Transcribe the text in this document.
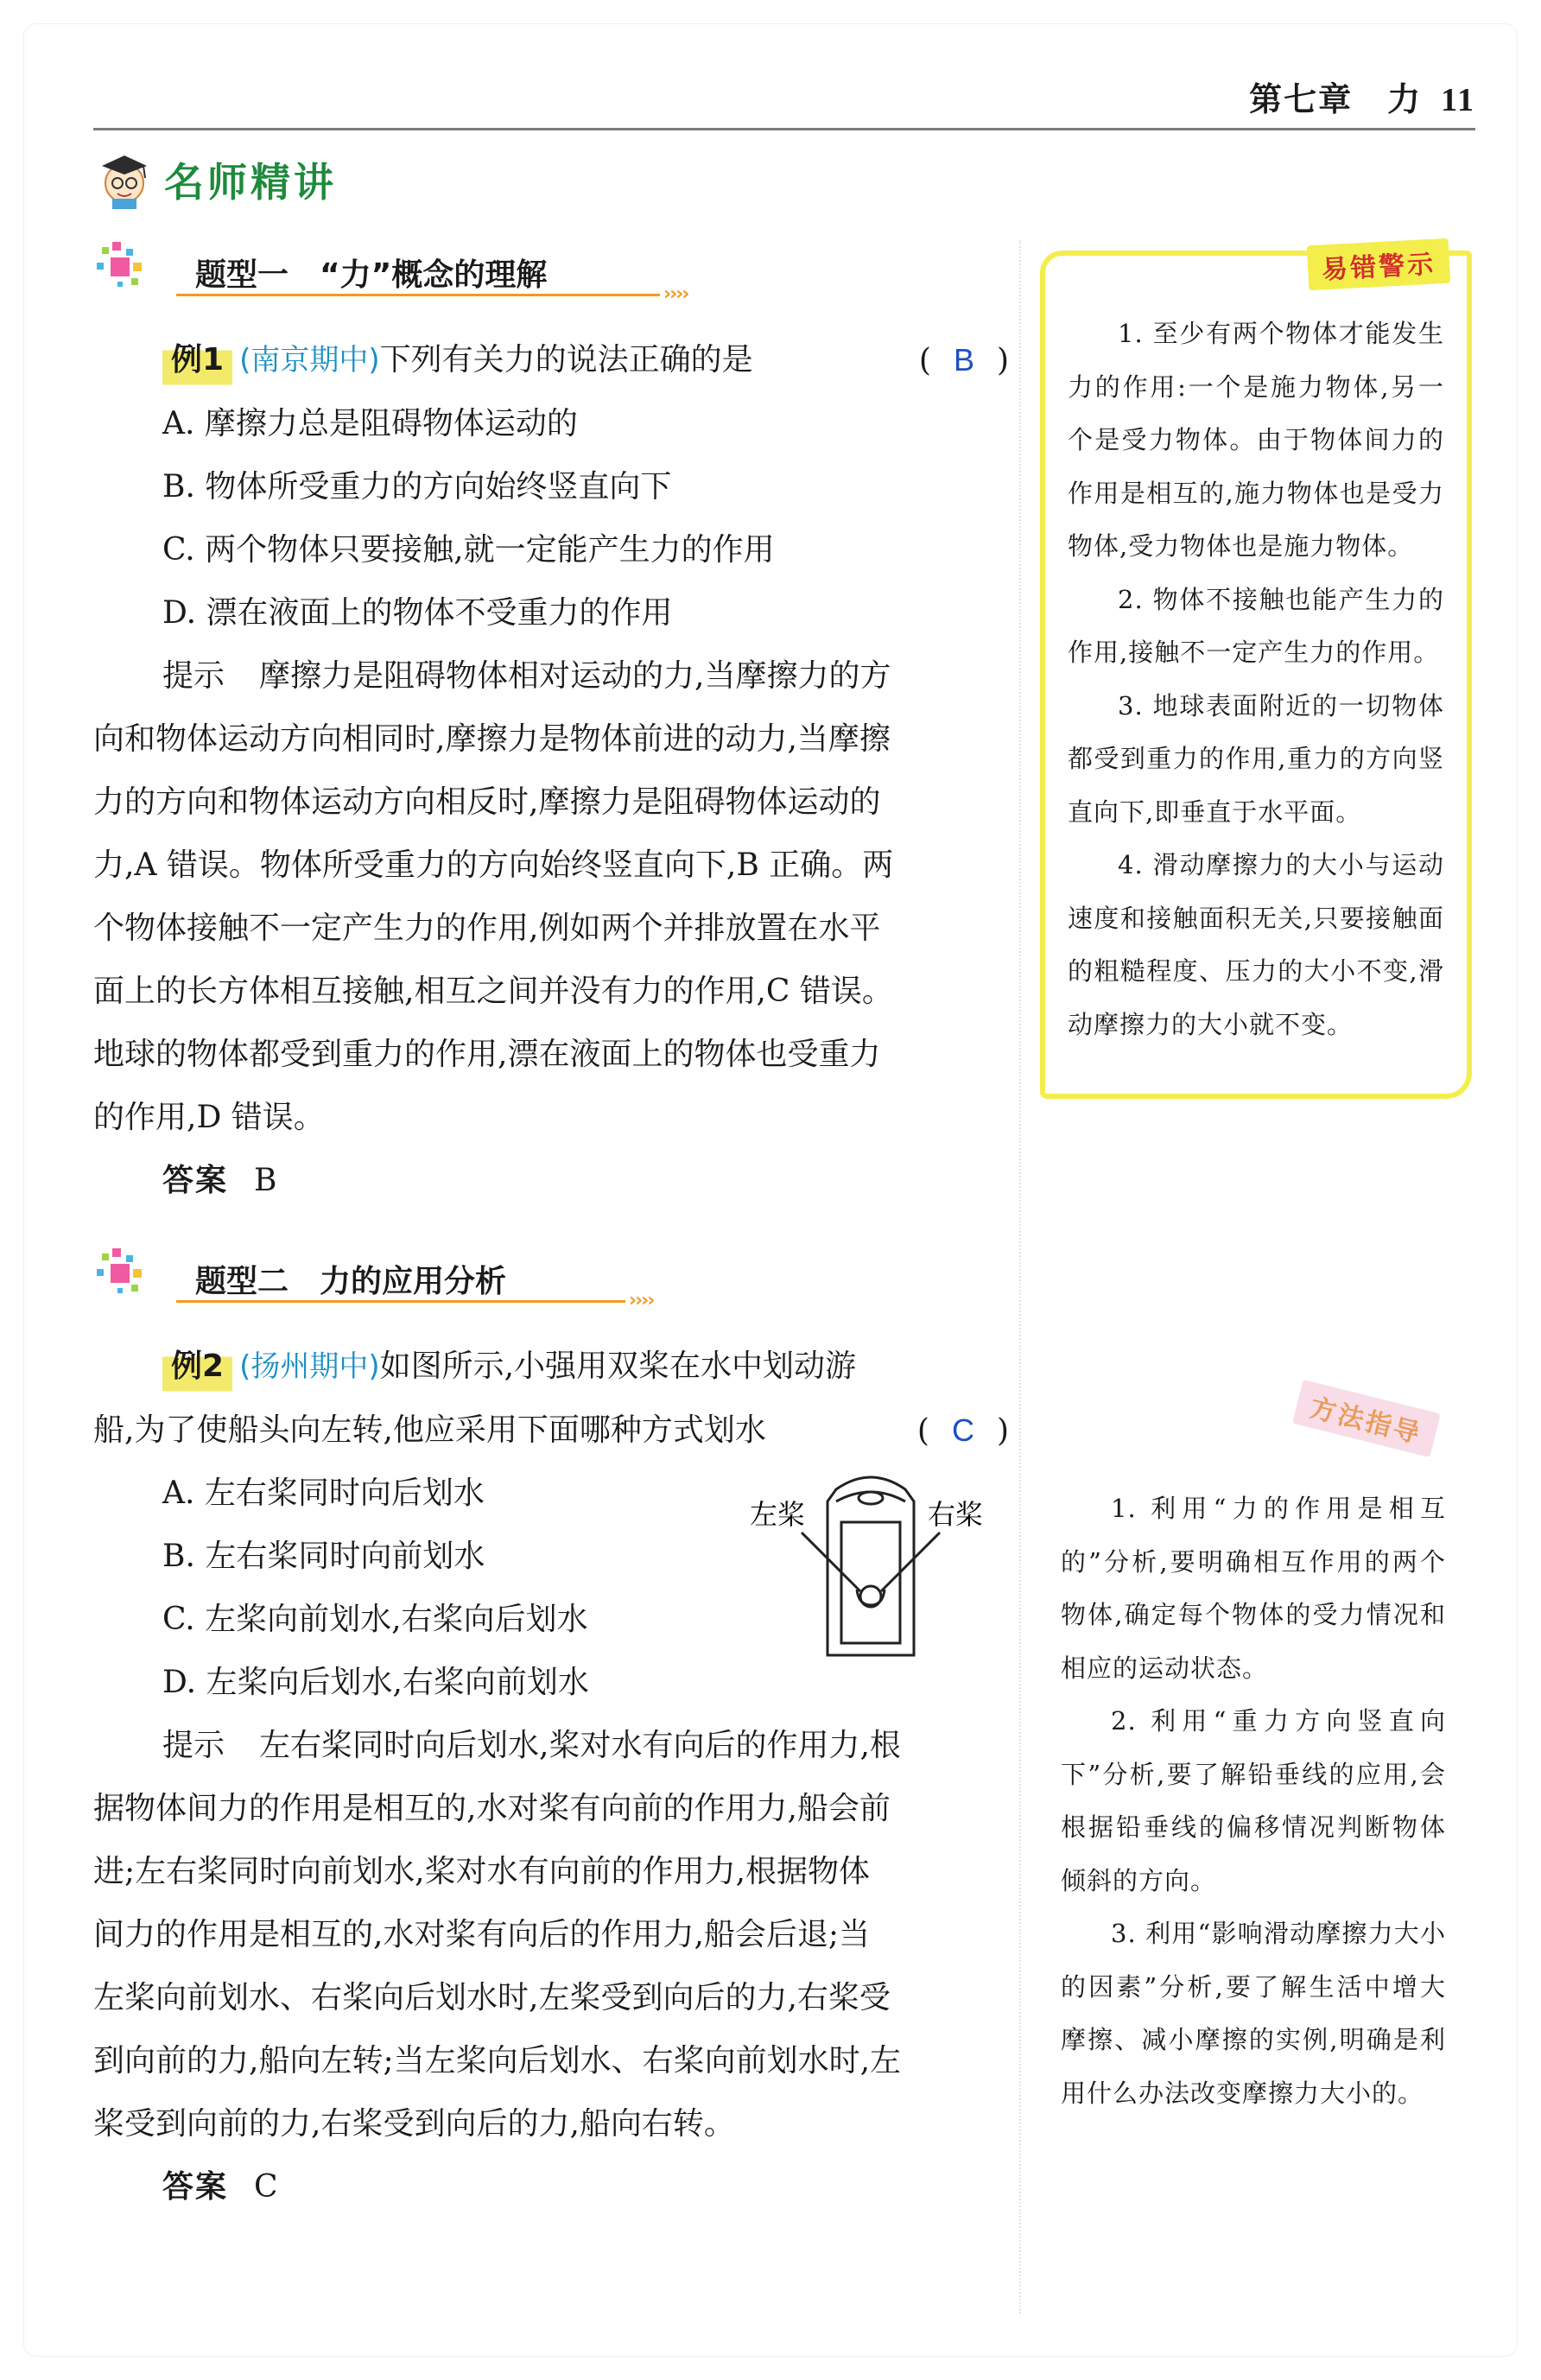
第七章　力 11
名师精讲
题型一　“力”概念的理解
››››
例1 (南京期中)下列有关力的说法正确的是	( B )
A. 摩擦力总是阻碍物体运动的
B. 物体所受重力的方向始终竖直向下
C. 两个物体只要接触,就一定能产生力的作用
D. 漂在液面上的物体不受重力的作用
提示 摩擦力是阻碍物体相对运动的力,当摩擦力的方
向和物体运动方向相同时,摩擦力是物体前进的动力,当摩擦
力的方向和物体运动方向相反时,摩擦力是阻碍物体运动的
力,A 错误。物体所受重力的方向始终竖直向下,B 正确。两
个物体接触不一定产生力的作用,例如两个并排放置在水平
面上的长方体相互接触,相互之间并没有力的作用,C 错误。
地球的物体都受到重力的作用,漂在液面上的物体也受重力
的作用,D 错误。
答案 B
题型二　力的应用分析
››››
例2 (扬州期中)如图所示,小强用双桨在水中划动游
船,为了使船头向左转,他应采用下面哪种方式划水	( C )
A. 左右桨同时向后划水
B. 左右桨同时向前划水
C. 左桨向前划水,右桨向后划水
D. 左桨向后划水,右桨向前划水
左桨	右桨
提示 左右桨同时向后划水,桨对水有向后的作用力,根
据物体间力的作用是相互的,水对桨有向前的作用力,船会前
进;左右桨同时向前划水,桨对水有向前的作用力,根据物体
间力的作用是相互的,水对桨有向后的作用力,船会后退;当
左桨向前划水、右桨向后划水时,左桨受到向后的力,右桨受
到向前的力,船向左转;当左桨向后划水、右桨向前划水时,左
桨受到向前的力,右桨受到向后的力,船向右转。
答案 C
易错警示

1. 至少有两个物体才能发生力的作用:一个是施力物体,另一个是受力物体。由于物体间力的作用是相互的,施力物体也是受力物体,受力物体也是施力物体。

2. 物体不接触也能产生力的作用,接触不一定产生力的作用。

3. 地球表面附近的一切物体都受到重力的作用,重力的方向竖直向下,即垂直于水平面。

4. 滑动摩擦力的大小与运动速度和接触面积无关,只要接触面的粗糙程度、压力的大小不变,滑动摩擦力的大小就不变。

方法指导

1. 利用“力的作用是相互的”分析,要明确相互作用的两个物体,确定每个物体的受力情况和相应的运动状态。

2. 利用“重力方向竖直向下”分析,要了解铅垂线的应用,会根据铅垂线的偏移情况判断物体倾斜的方向。

3. 利用“影响滑动摩擦力大小的因素”分析,要了解生活中增大摩擦、减小摩擦的实例,明确是利用什么办法改变摩擦力大小的。
